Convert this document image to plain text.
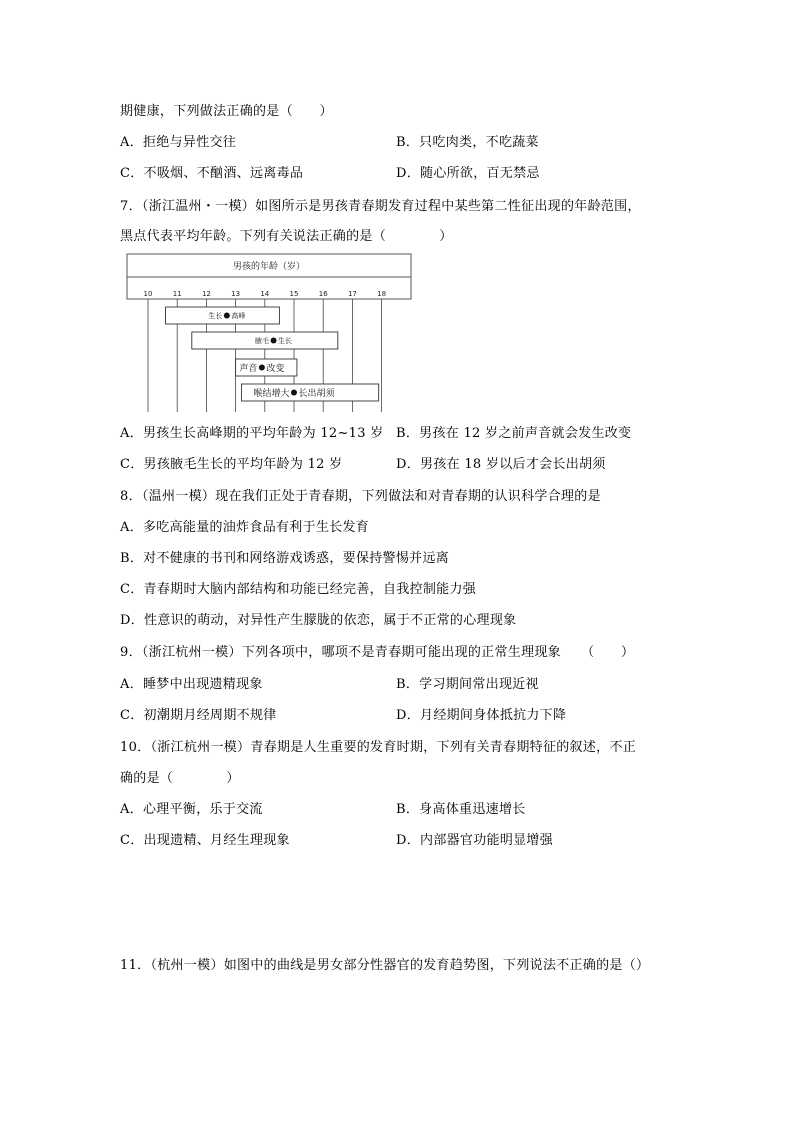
期健康，下列做法正确的是（　　）
A．拒绝与异性交往	B．只吃肉类，不吃蔬菜
C．不吸烟、不酗酒、远离毒品	D．随心所欲，百无禁忌
7．（浙江温州・一模）如图所示是男孩青春期发育过程中某些第二性征出现的年龄范围，
黑点代表平均年龄。下列有关说法正确的是（　　　　）
男孩的年龄（岁）
10	11	12	13	14	15	16	17	18
生长 高峰
腋毛 生长
声音 改变
喉结增大 长出胡须
A．男孩生长高峰期的平均年龄为 12~13 岁 B．男孩在 12 岁之前声音就会发生改变
C．男孩腋毛生长的平均年龄为 12 岁	D．男孩在 18 岁以后才会长出胡须
8．（温州一模）现在我们正处于青春期，下列做法和对青春期的认识科学合理的是
A．多吃高能量的油炸食品有利于生长发育
B．对不健康的书刊和网络游戏诱惑，要保持警惕并远离
C．青春期时大脑内部结构和功能已经完善，自我控制能力强
D．性意识的萌动，对异性产生朦胧的依恋，属于不正常的心理现象
9．（浙江杭州一模）下列各项中，哪项不是青春期可能出现的正常生理现象　　（　　）
A．睡梦中出现遗精现象	B．学习期间常出现近视
C．初潮期月经周期不规律	D．月经期间身体抵抗力下降
10．（浙江杭州一模）青春期是人生重要的发育时期，下列有关青春期特征的叙述，不正
确的是（　　　　）
A．心理平衡，乐于交流	B．身高体重迅速增长
C．出现遗精、月经生理现象	D．内部器官功能明显增强
11．（杭州一模）如图中的曲线是男女部分性器官的发育趋势图，下列说法不正确的是（）
